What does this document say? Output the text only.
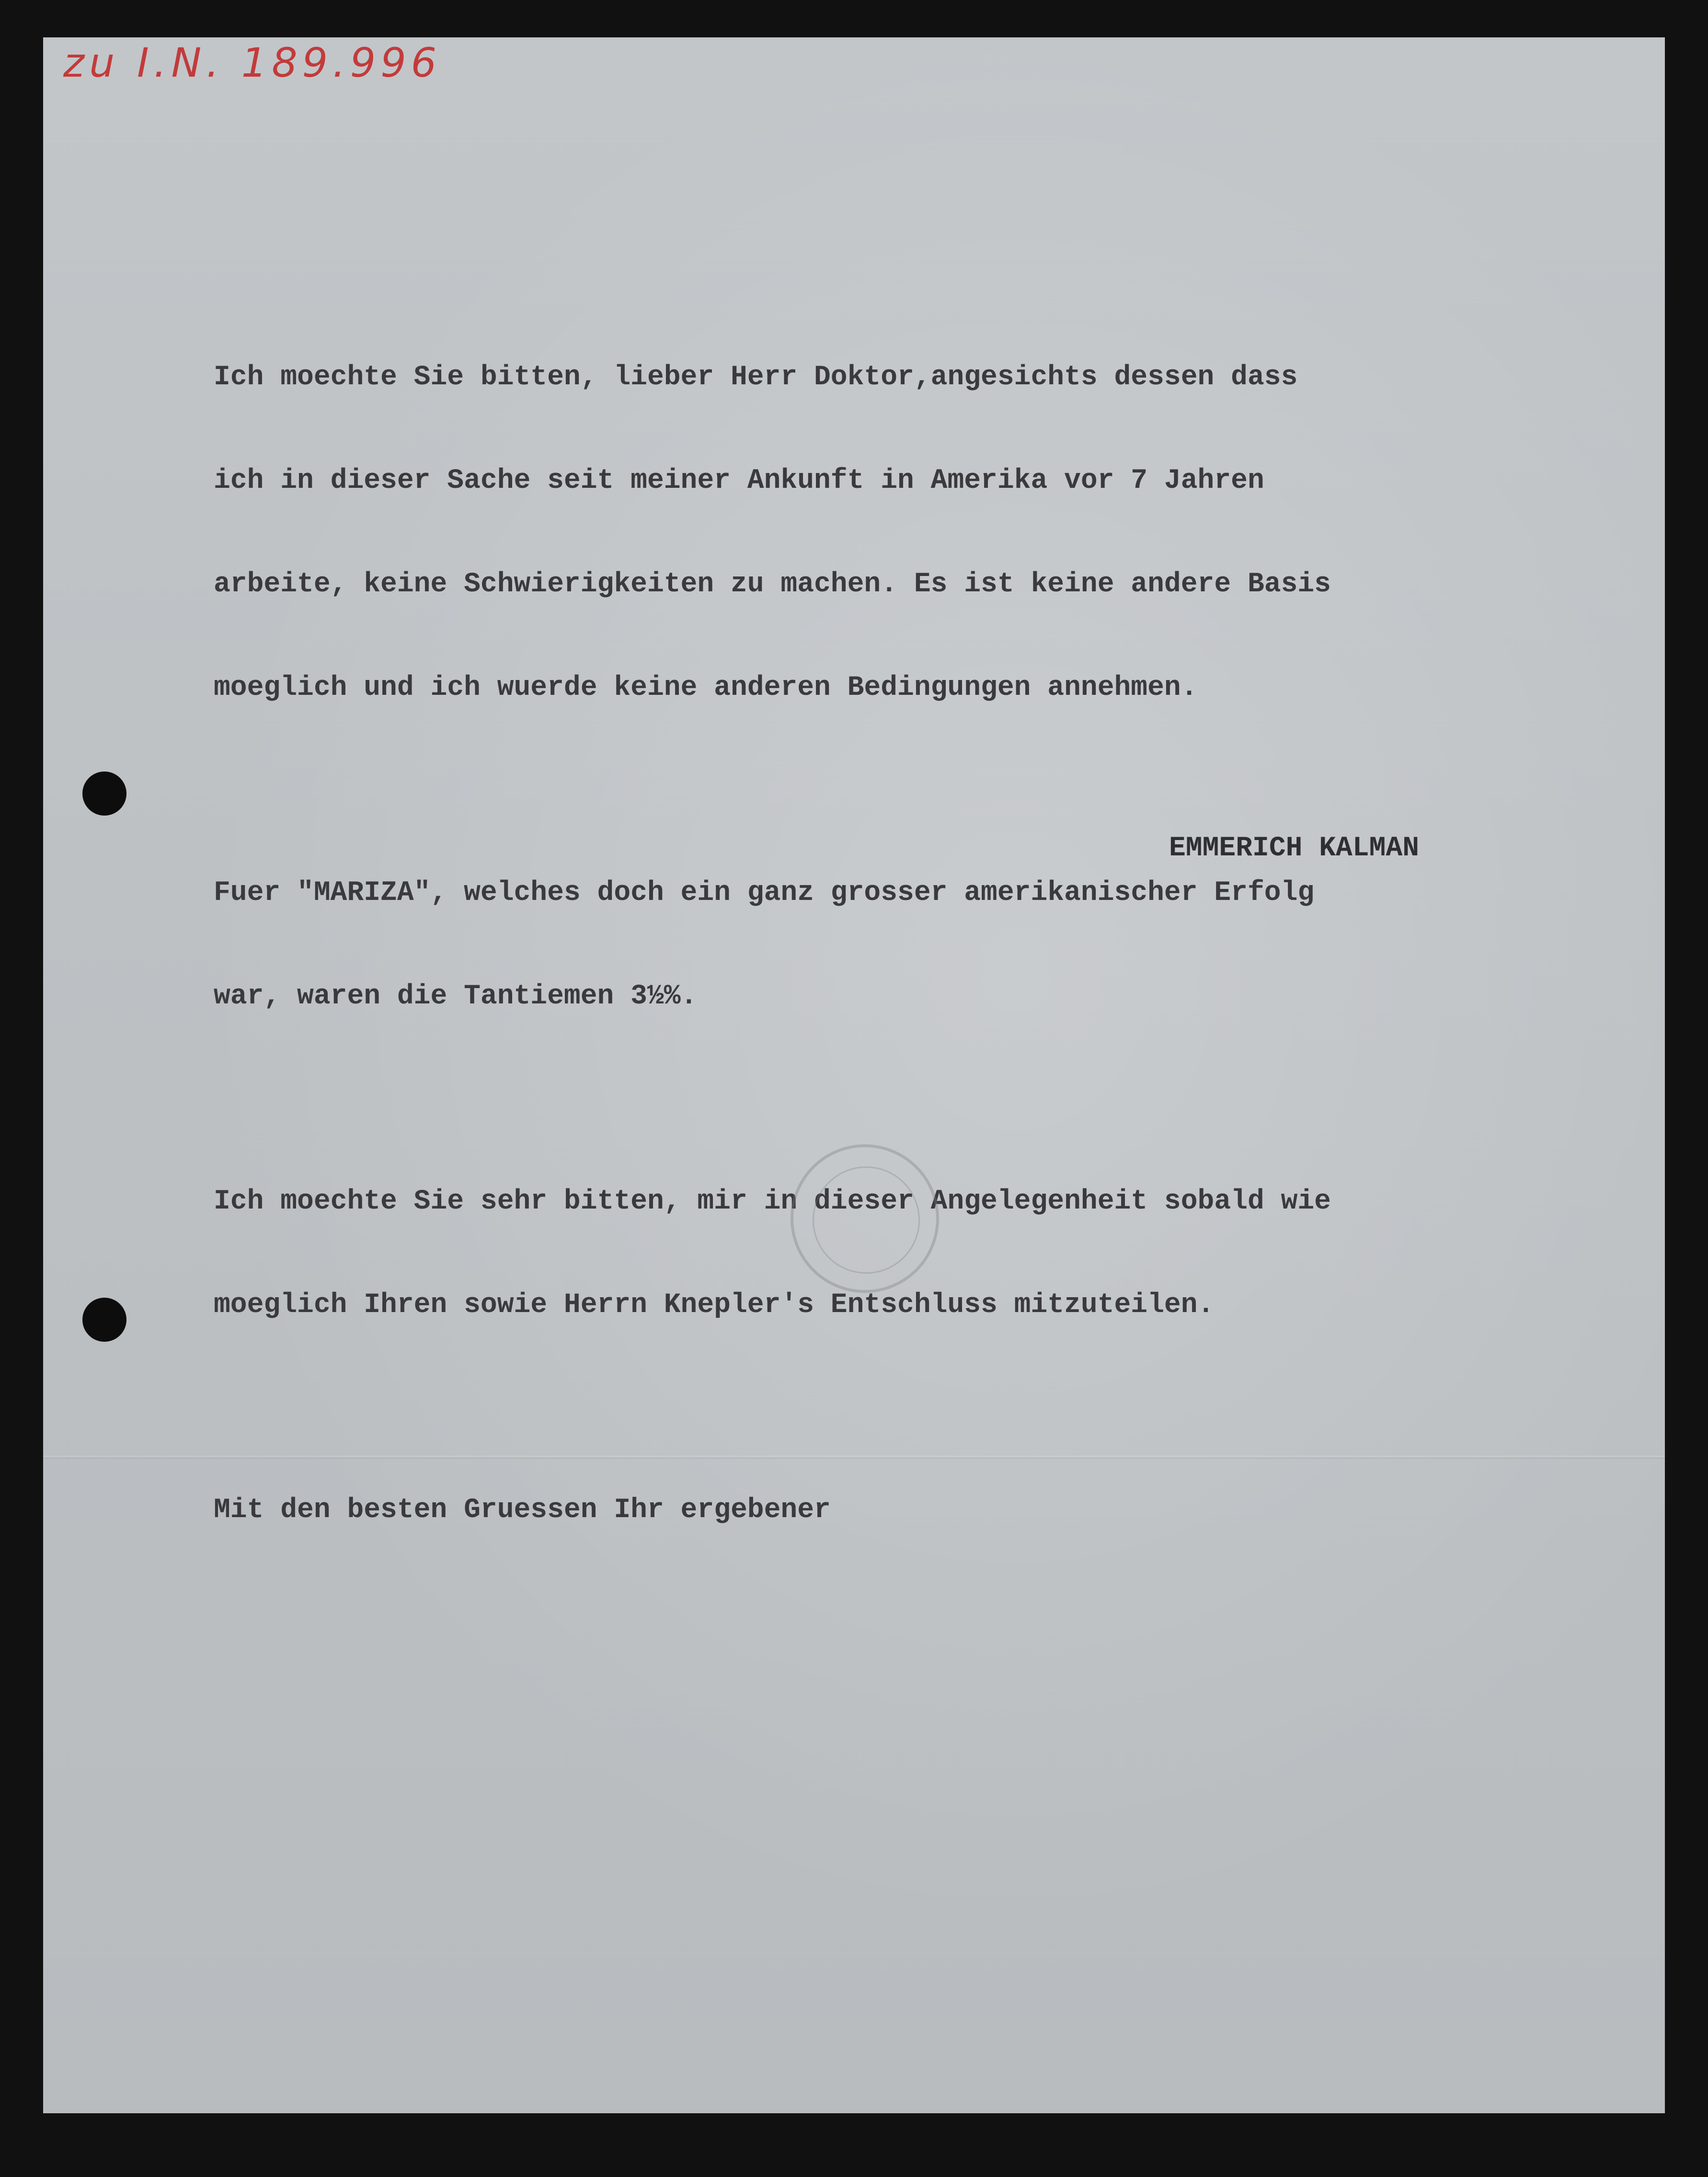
zu I.N. 189.996

Ich moechte Sie bitten, lieber Herr Doktor,angesichts dessen dass

ich in dieser Sache seit meiner Ankunft in Amerika vor 7 Jahren

arbeite, keine Schwierigkeiten zu machen. Es ist keine andere Basis

moeglich und ich wuerde keine anderen Bedingungen annehmen.

Fuer "MARIZA", welches doch ein ganz grosser amerikanischer Erfolg

war, waren die Tantiemen 3½%.

Ich moechte Sie sehr bitten, mir in dieser Angelegenheit sobald wie

moeglich Ihren sowie Herrn Knepler's Entschluss mitzuteilen.

Mit den besten Gruessen Ihr ergebener

EMMERICH KALMAN
